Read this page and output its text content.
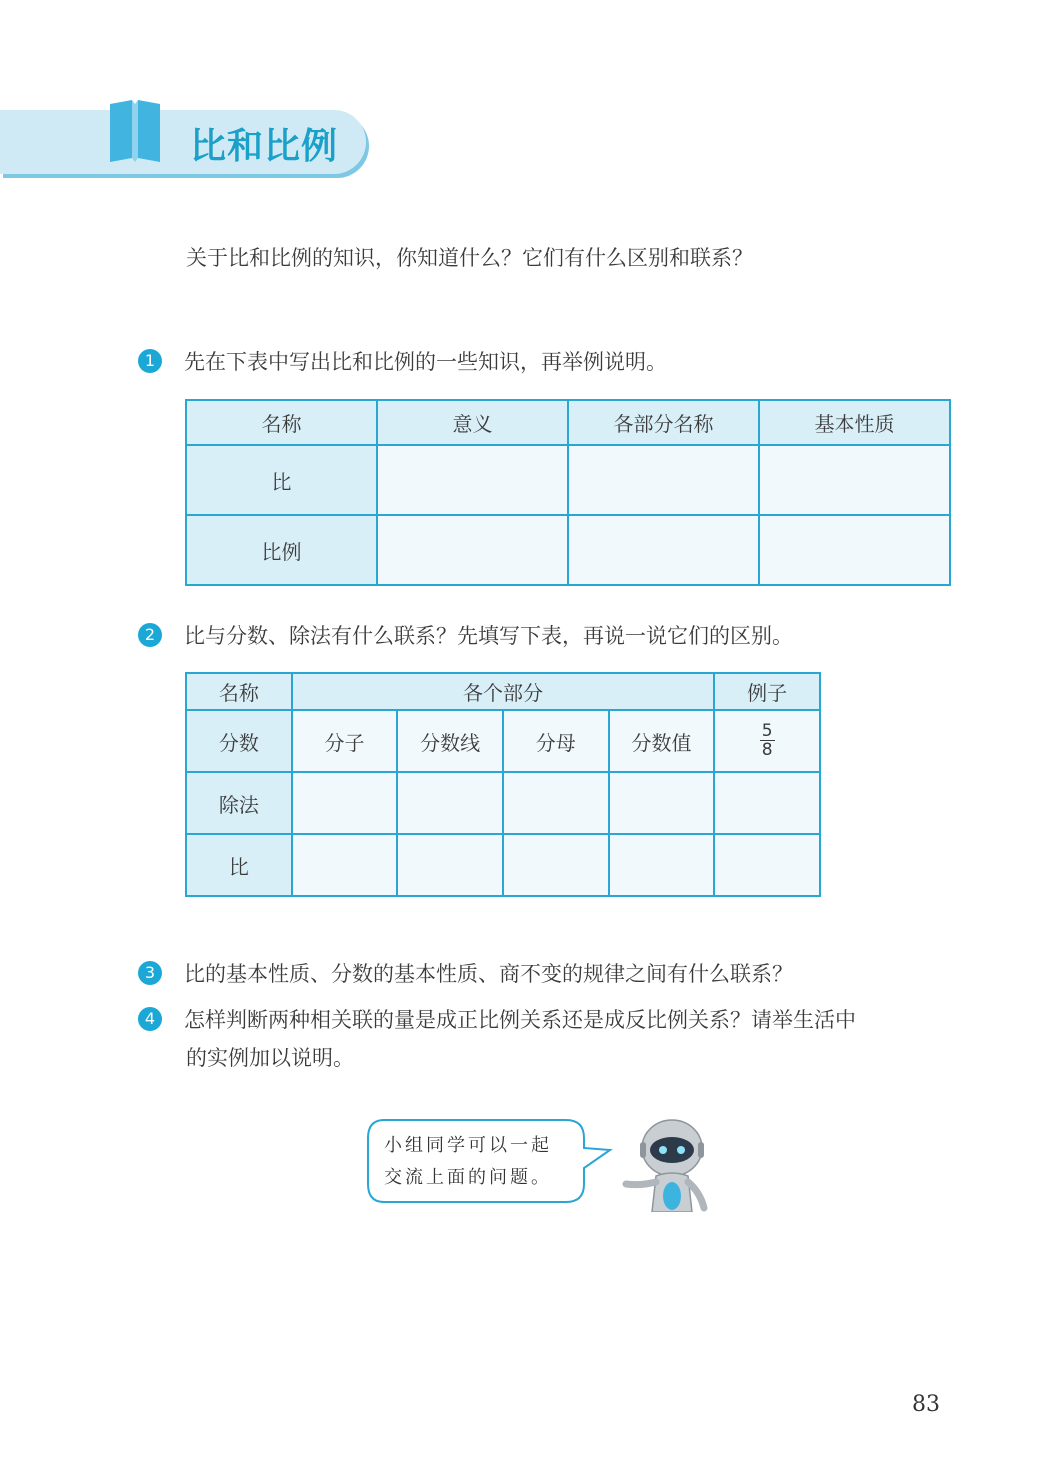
比和比例
关于比和比例的知识，你知道什么？它们有什么区别和联系？
1 先在下表中写出比和比例的一些知识，再举例说明。
名称	意义	各部分名称	基本性质
比			
比例			
2 比与分数、除法有什么联系？先填写下表，再说一说它们的区别。
名称	各个部分				例子
分数	分子	分数线	分母	分数值	$\frac{5}{8}$

除法					
比					
3 比的基本性质、分数的基本性质、商不变的规律之间有什么联系？
4 怎样判断两种相关联的量是成正比例关系还是成反比例关系？请举生活中
的实例加以说明。
小组同学可以一起
交流上面的问题。
83
